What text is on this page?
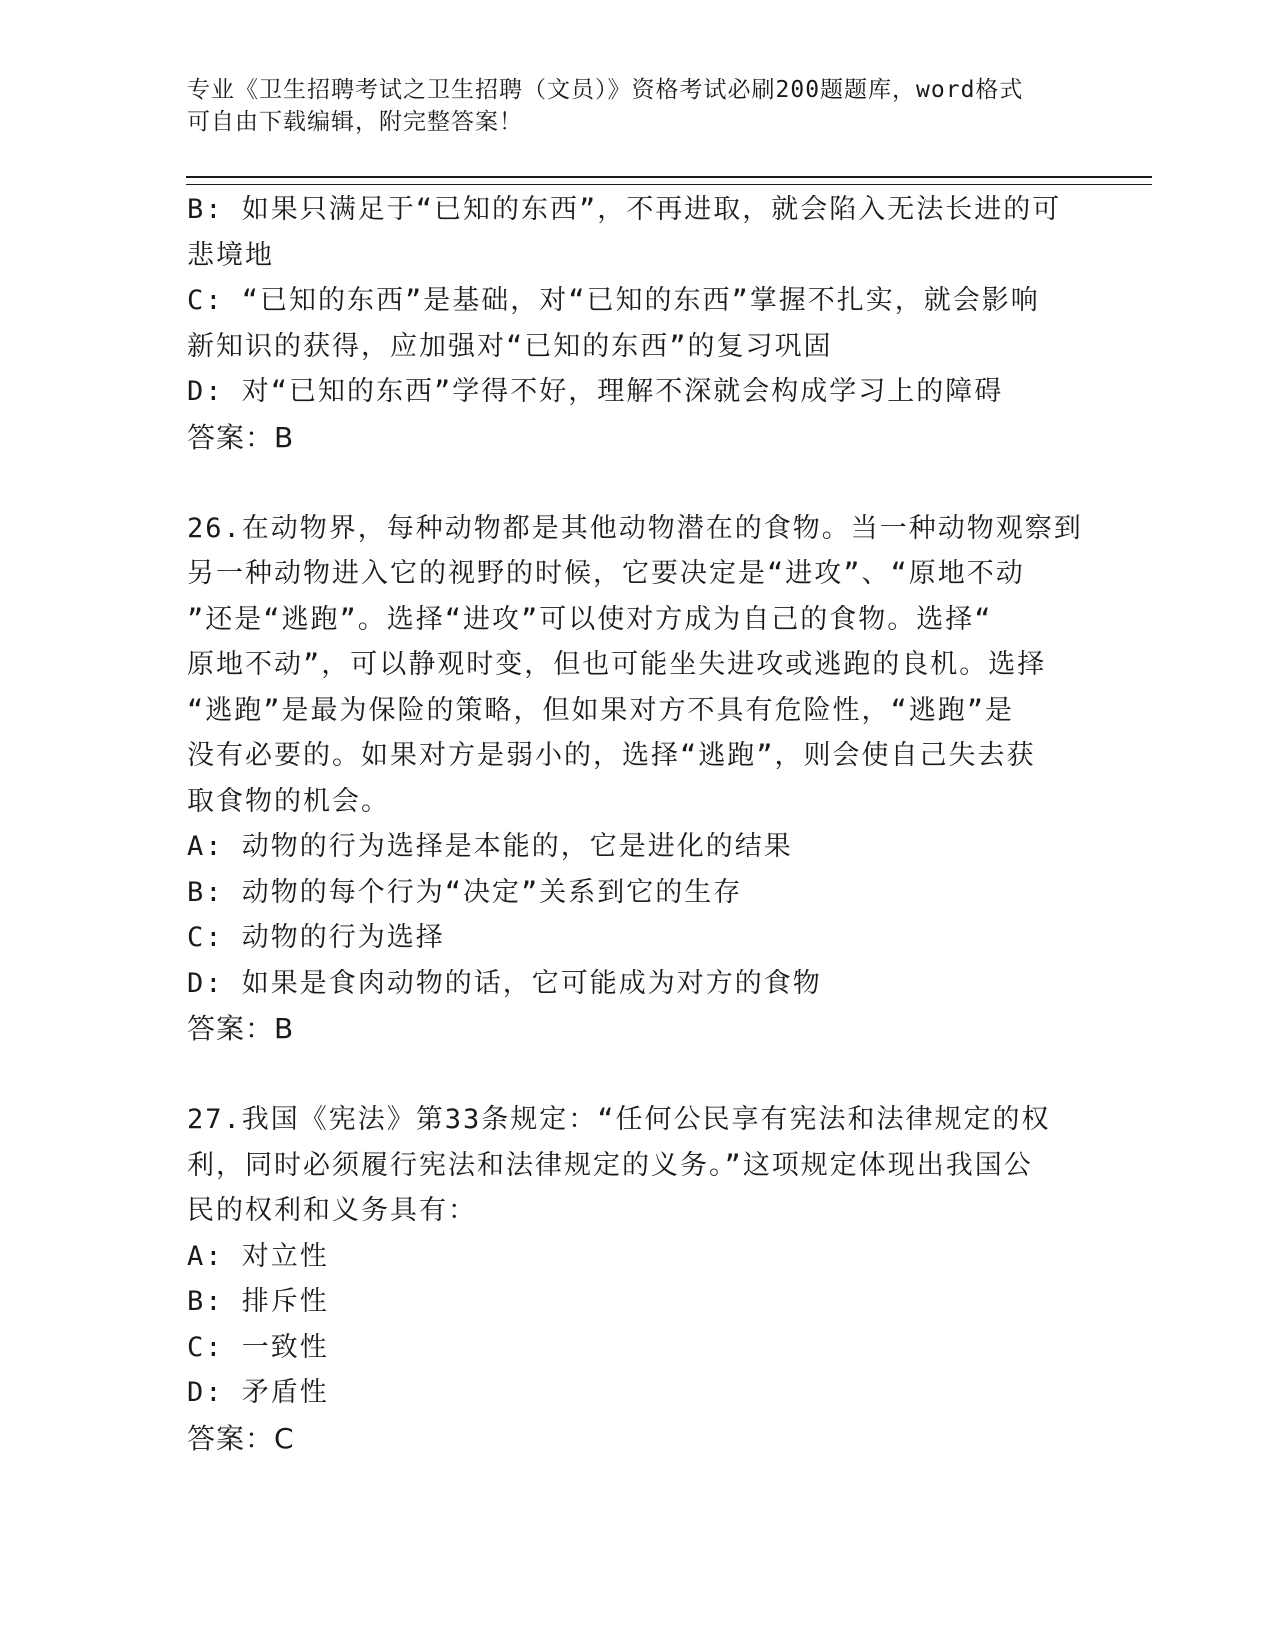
专业《卫生招聘考试之卫生招聘（文员）》资格考试必刷200题题库，word格式
可自由下载编辑，附完整答案！
B: 如果只满足于“已知的东西”，不再进取，就会陷入无法长进的可
悲境地
C: “已知的东西”是基础，对“已知的东西”掌握不扎实，就会影响
新知识的获得，应加强对“已知的东西”的复习巩固
D: 对“已知的东西”学得不好，理解不深就会构成学习上的障碍
答案：B
26.在动物界，每种动物都是其他动物潜在的食物。当一种动物观察到
另一种动物进入它的视野的时候，它要决定是“进攻”、“原地不动
”还是“逃跑”。选择“进攻”可以使对方成为自己的食物。选择“
原地不动”，可以静观时变，但也可能坐失进攻或逃跑的良机。选择
“逃跑”是最为保险的策略，但如果对方不具有危险性，“逃跑”是
没有必要的。如果对方是弱小的，选择“逃跑”，则会使自己失去获
取食物的机会。
A: 动物的行为选择是本能的，它是进化的结果
B: 动物的每个行为“决定”关系到它的生存
C: 动物的行为选择
D: 如果是食肉动物的话，它可能成为对方的食物
答案：B
27.我国《宪法》第33条规定：“任何公民享有宪法和法律规定的权
利，同时必须履行宪法和法律规定的义务。”这项规定体现出我国公
民的权利和义务具有：
A: 对立性
B: 排斥性
C: 一致性
D: 矛盾性
答案：C
